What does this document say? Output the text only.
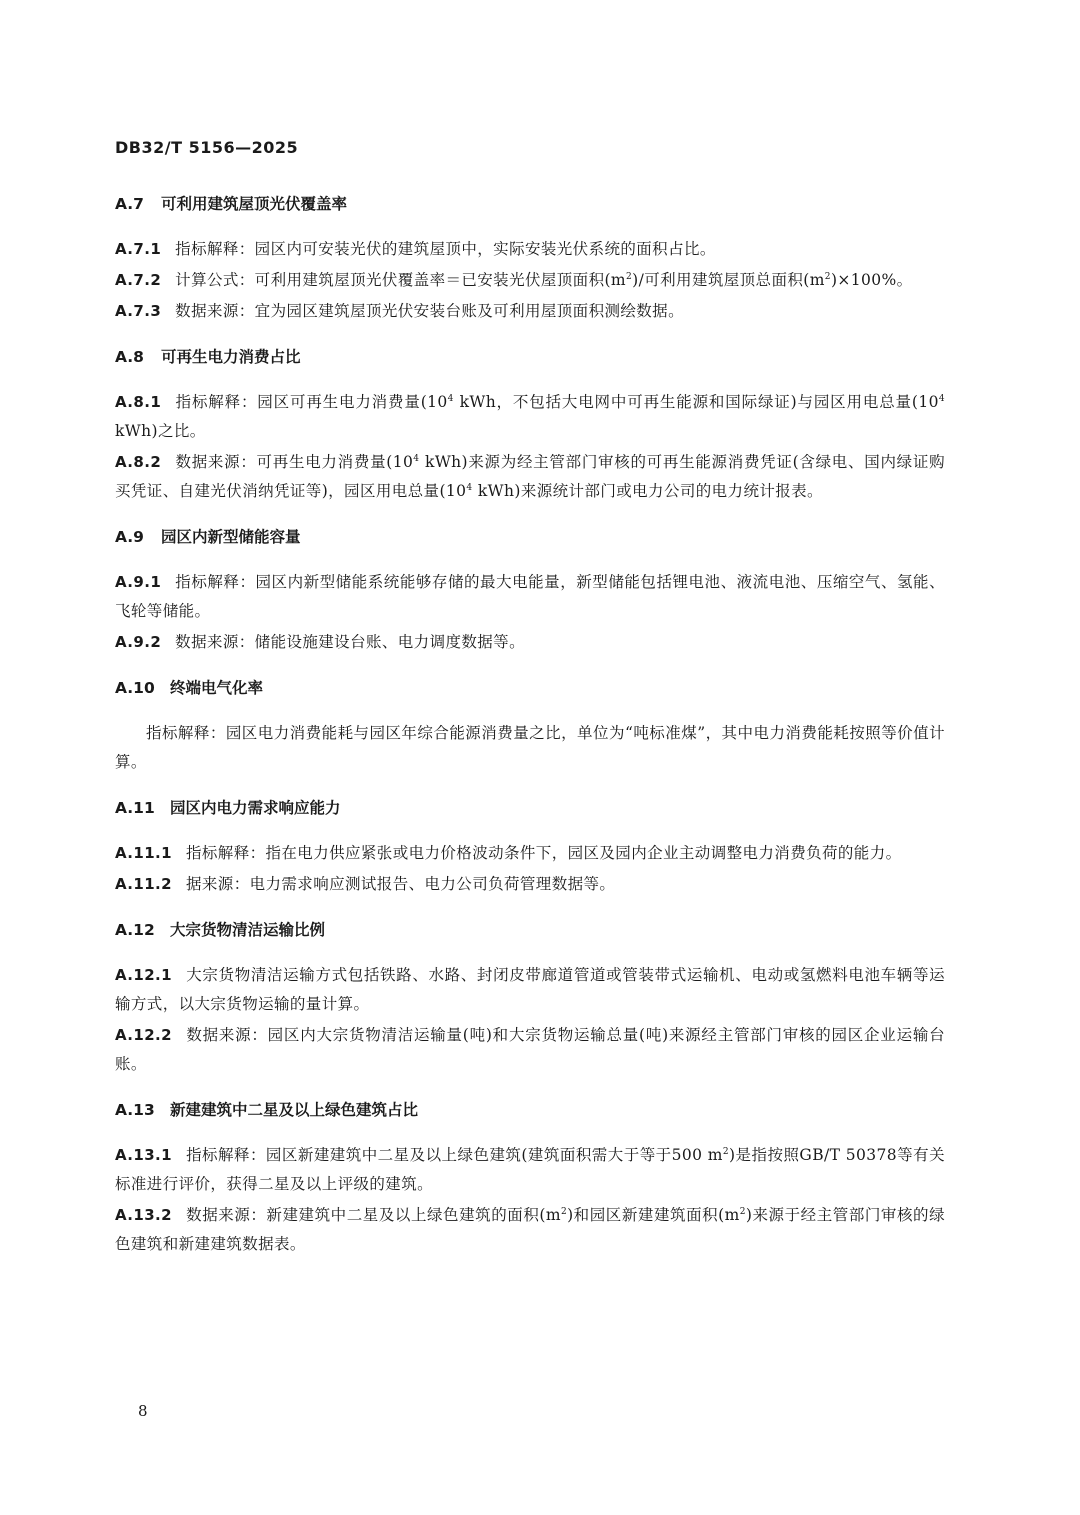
DB32/T 5156—2025
A.7 可利用建筑屋顶光伏覆盖率
A.7.1 指标解释：园区内可安装光伏的建筑屋顶中，实际安装光伏系统的面积占比。
A.7.2 计算公式：可利用建筑屋顶光伏覆盖率＝已安装光伏屋顶面积$(m^2)/$可利用建筑屋顶总面积$(m^2)\times 100\%$。
A.7.3 数据来源：宜为园区建筑屋顶光伏安装台账及可利用屋顶面积测绘数据。
A.8 可再生电力消费占比
A.8.1 指标解释：园区可再生电力消费量($10^4$ kWh，不包括大电网中可再生能源和国际绿证)与园区用电总量($10^4$ kWh)之比。
A.8.2 数据来源：可再生电力消费量($10^4$ kWh)来源为经主管部门审核的可再生能源消费凭证(含绿电、国内绿证购买凭证、自建光伏消纳凭证等)，园区用电总量($10^4$ kWh)来源统计部门或电力公司的电力统计报表。
A.9 园区内新型储能容量
A.9.1 指标解释：园区内新型储能系统能够存储的最大电能量，新型储能包括锂电池、液流电池、压缩空气、氢能、飞轮等储能。
A.9.2 数据来源：储能设施建设台账、电力调度数据等。
A.10 终端电气化率
指标解释：园区电力消费能耗与园区年综合能源消费量之比，单位为“吨标准煤”，其中电力消费能耗按照等价值计算。
A.11 园区内电力需求响应能力
A.11.1 指标解释：指在电力供应紧张或电力价格波动条件下，园区及园内企业主动调整电力消费负荷的能力。
A.11.2 据来源：电力需求响应测试报告、电力公司负荷管理数据等。
A.12 大宗货物清洁运输比例
A.12.1 大宗货物清洁运输方式包括铁路、水路、封闭皮带廊道管道或管装带式运输机、电动或氢燃料电池车辆等运输方式，以大宗货物运输的量计算。
A.12.2 数据来源：园区内大宗货物清洁运输量(吨)和大宗货物运输总量(吨)来源经主管部门审核的园区企业运输台账。
A.13 新建建筑中二星及以上绿色建筑占比
A.13.1 指标解释：园区新建建筑中二星及以上绿色建筑(建筑面积需大于等于500 $m^2$)是指按照GB/T 50378等有关标准进行评价，获得二星及以上评级的建筑。
A.13.2 数据来源：新建建筑中二星及以上绿色建筑的面积$(m^2)$和园区新建建筑面积$(m^2)$来源于经主管部门审核的绿色建筑和新建建筑数据表。
8
